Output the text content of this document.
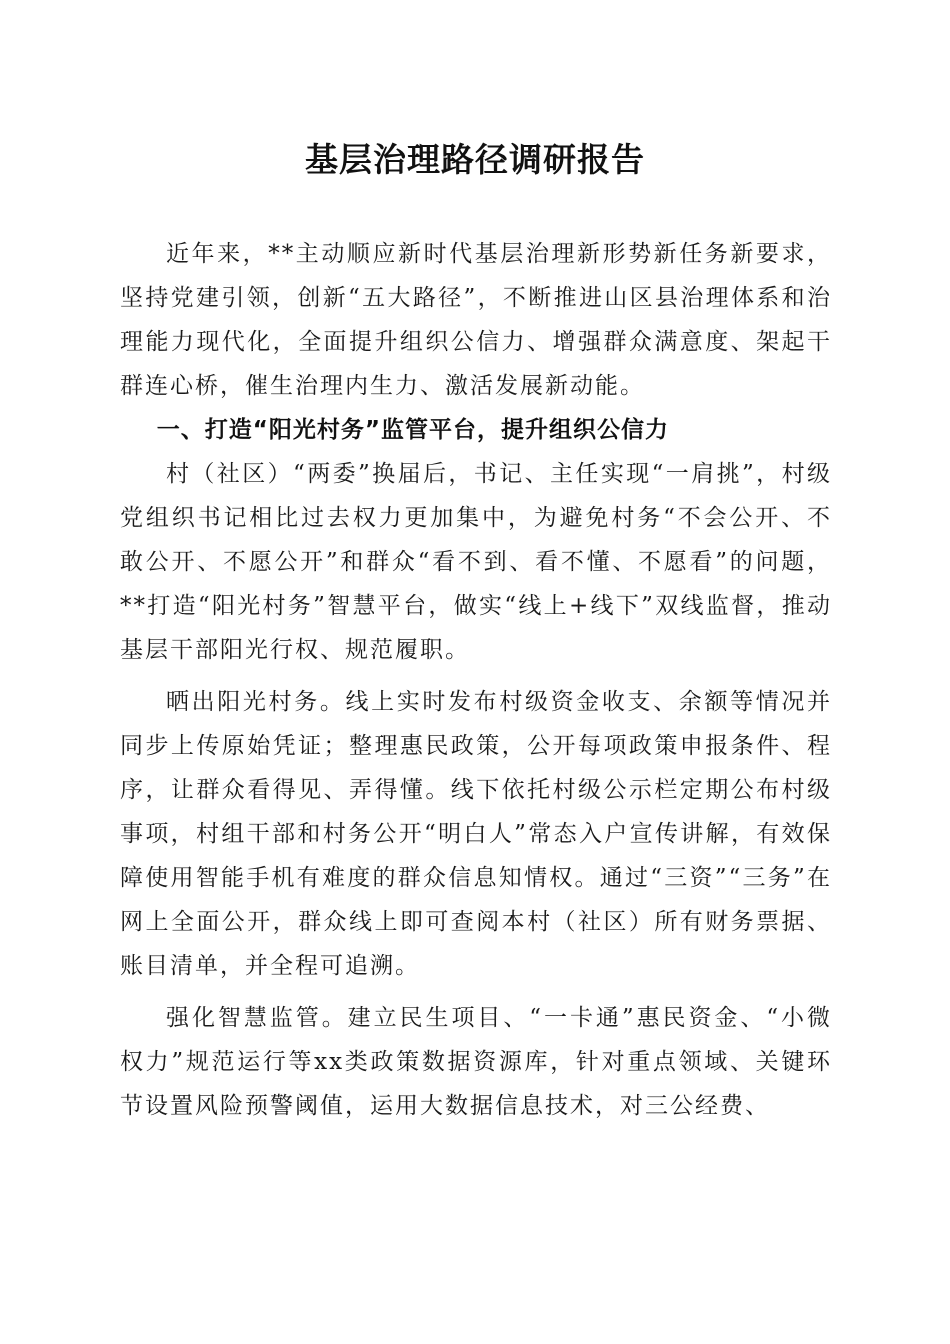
基层治理路径调研报告

近年来，**主动顺应新时代基层治理新形势新任务新要求，坚持党建引领，创新“五大路径”，不断推进山区县治理体系和治理能力现代化，全面提升组织公信力、增强群众满意度、架起干群连心桥，催生治理内生力、激活发展新动能。

一、打造“阳光村务”监管平台，提升组织公信力

村（社区）“两委”换届后，书记、主任实现“一肩挑”，村级党组织书记相比过去权力更加集中，为避免村务“不会公开、不敢公开、不愿公开”和群众“看不到、看不懂、不愿看”的问题，**打造“阳光村务”智慧平台，做实“线上+线下”双线监督，推动基层干部阳光行权、规范履职。

晒出阳光村务。线上实时发布村级资金收支、余额等情况并同步上传原始凭证；整理惠民政策，公开每项政策申报条件、程序，让群众看得见、弄得懂。线下依托村级公示栏定期公布村级事项，村组干部和村务公开“明白人”常态入户宣传讲解，有效保障使用智能手机有难度的群众信息知情权。通过“三资”“三务”在网上全面公开，群众线上即可查阅本村（社区）所有财务票据、账目清单，并全程可追溯。

强化智慧监管。建立民生项目、“一卡通”惠民资金、“小微权力”规范运行等xx类政策数据资源库，针对重点领域、关键环节设置风险预警阈值，运用大数据信息技术，对三公经费、
